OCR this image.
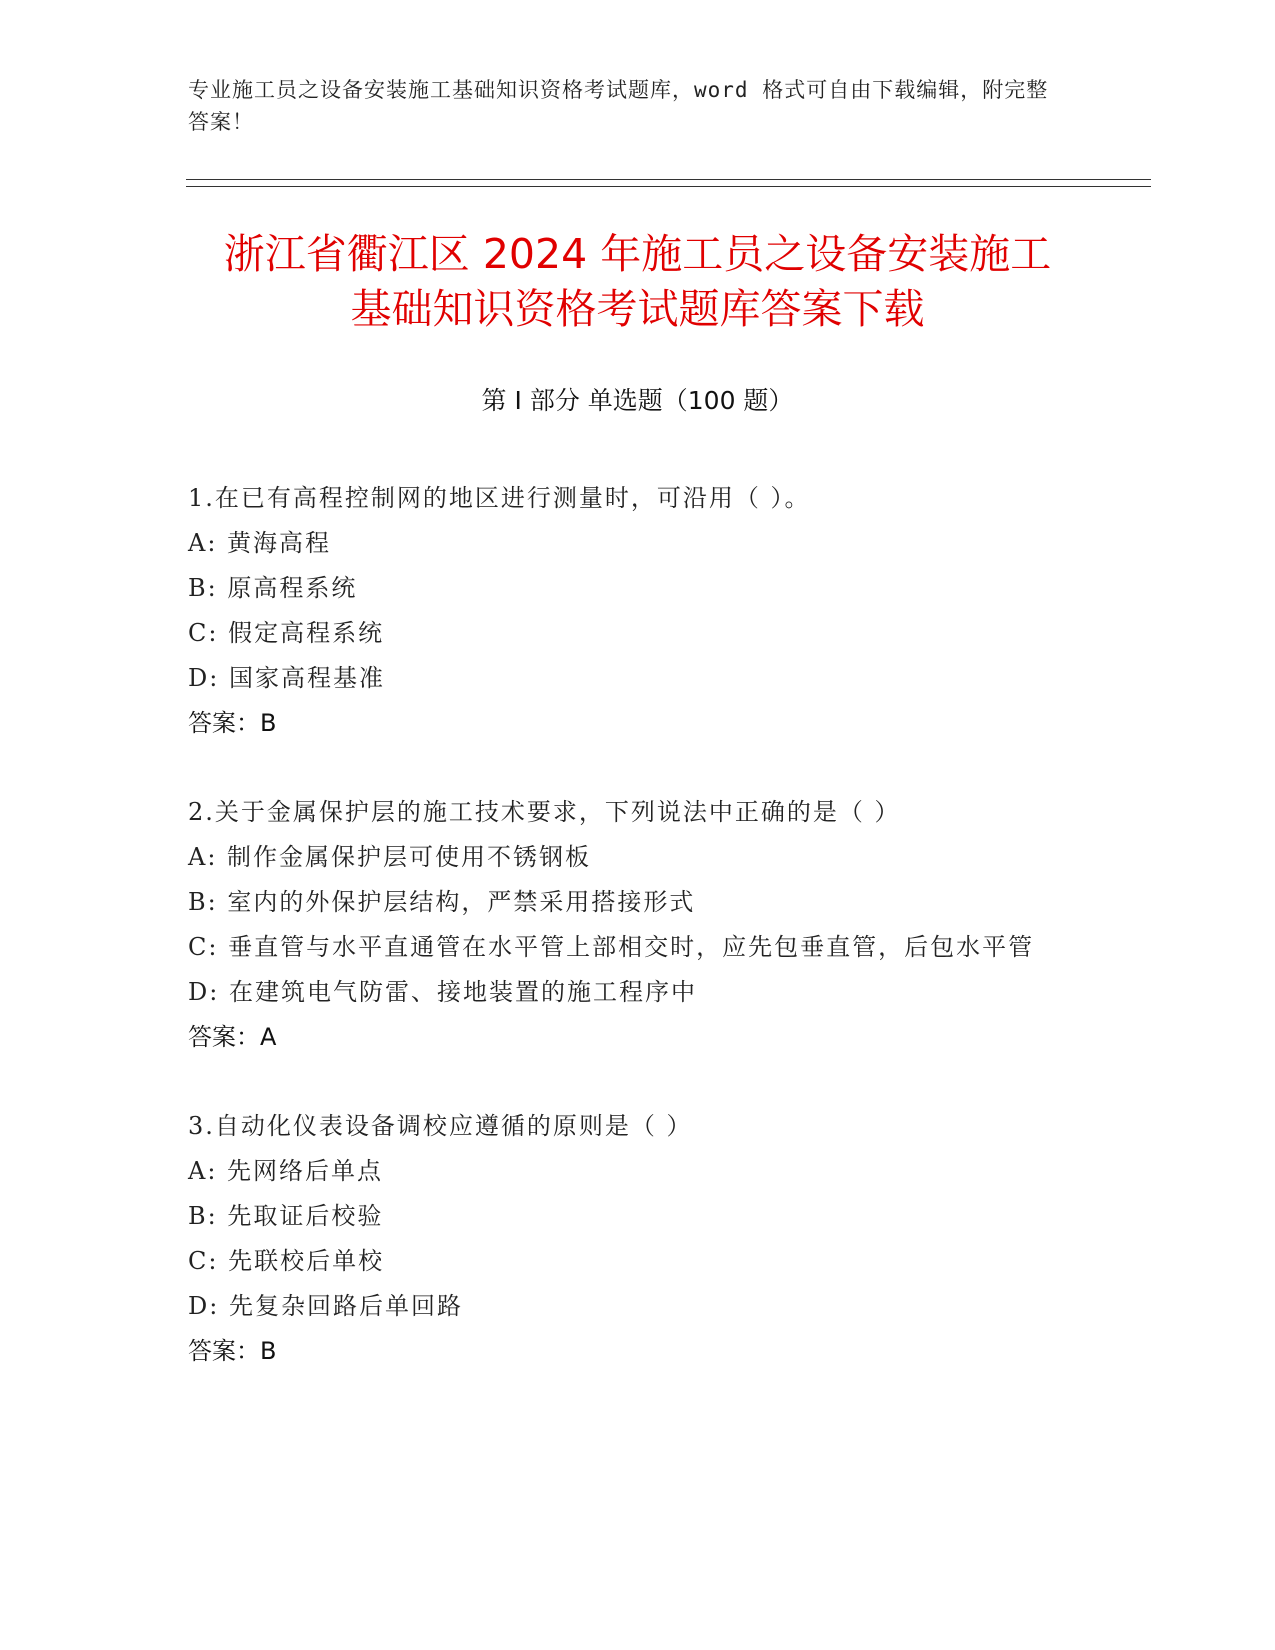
专业施工员之设备安装施工基础知识资格考试题库，word 格式可自由下载编辑，附完整答案！
浙江省衢江区 2024 年施工员之设备安装施工
基础知识资格考试题库答案下载
第 I 部分 单选题（100 题）
1.在已有高程控制网的地区进行测量时，可沿用（ ）。
A: 黄海高程
B: 原高程系统
C: 假定高程系统
D: 国家高程基准
答案：B
2.关于金属保护层的施工技术要求，下列说法中正确的是（ ）
A: 制作金属保护层可使用不锈钢板
B: 室内的外保护层结构，严禁采用搭接形式
C: 垂直管与水平直通管在水平管上部相交时，应先包垂直管，后包水平管
D: 在建筑电气防雷、接地装置的施工程序中
答案：A
3.自动化仪表设备调校应遵循的原则是（ ）
A: 先网络后单点
B: 先取证后校验
C: 先联校后单校
D: 先复杂回路后单回路
答案：B
